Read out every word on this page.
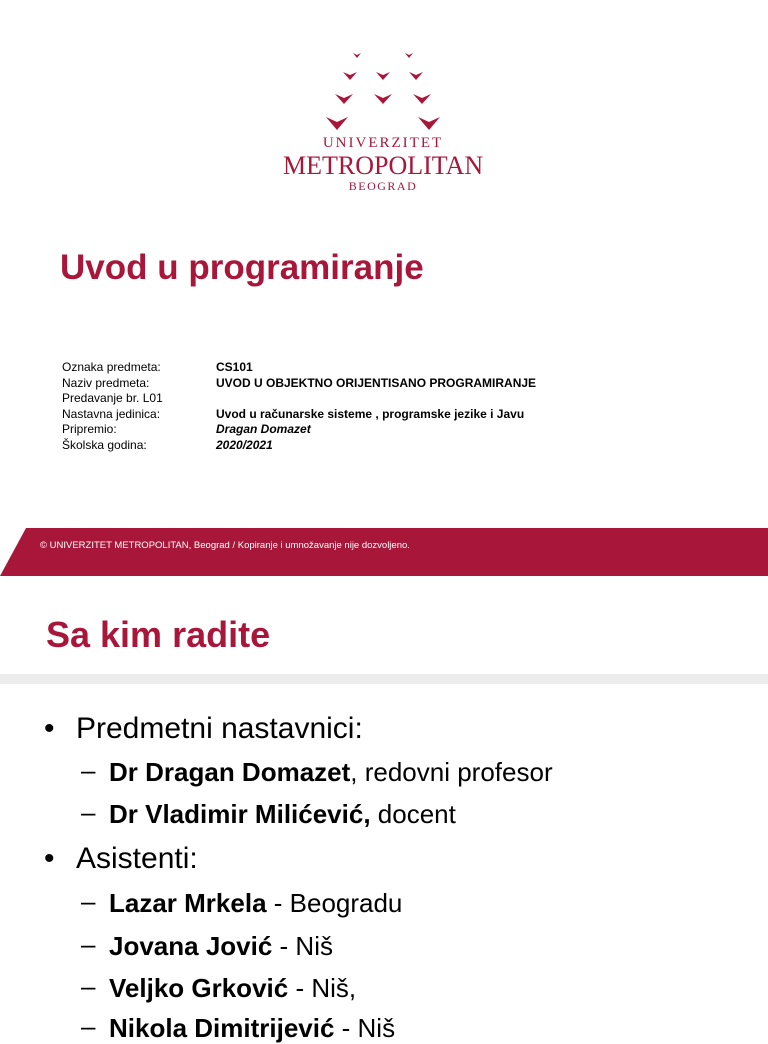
UNIVERZITET
METROPOLITAN
BEOGRAD
Uvod u programiranje
Oznaka predmeta:	CS101
Naziv predmeta:	UVOD U OBJEKTNO ORIJENTISANO PROGRAMIRANJE
Predavanje br. L01
Nastavna jedinica:	Uvod u računarske sisteme , programske jezike i Javu
Pripremio:	Dragan Domazet
Školska godina:	2020/2021
© UNIVERZITET METROPOLITAN, Beograd / Kopiranje i umnožavanje nije dozvoljeno.
Sa kim radite
• Predmetni nastavnici:
– Dr Dragan Domazet, redovni profesor
– Dr Vladimir Milićević, docent
• Asistenti:
– Lazar Mrkela - Beogradu
– Jovana Jović - Niš
– Veljko Grković - Niš,
– Nikola Dimitrijević - Niš
